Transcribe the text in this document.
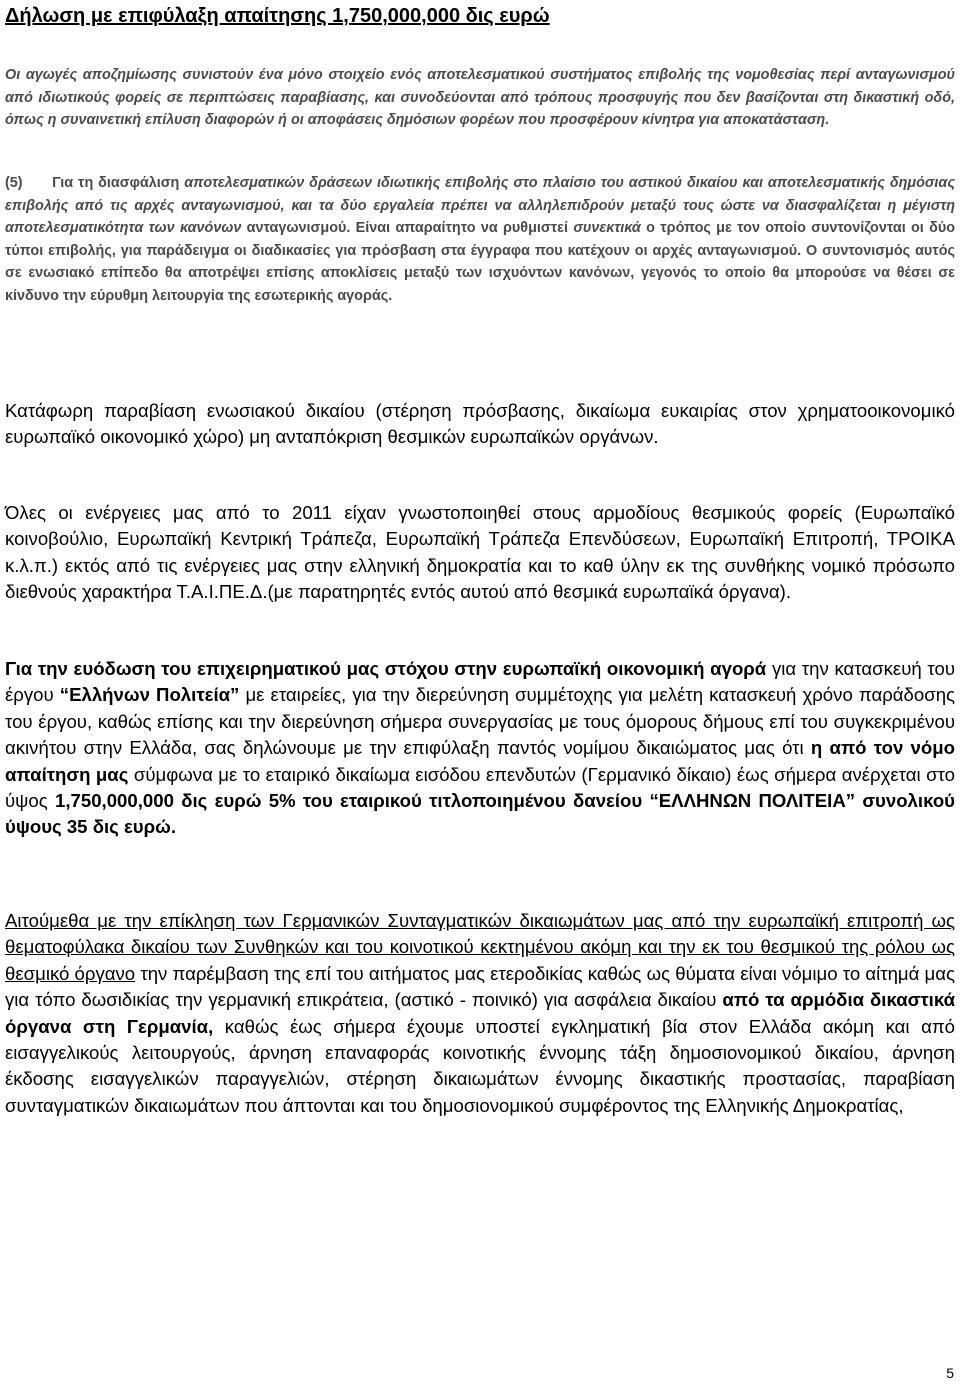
Δήλωση με επιφύλαξη απαίτησης 1,750,000,000 δις ευρώ

Οι αγωγές αποζημίωσης συνιστούν ένα μόνο στοιχείο ενός αποτελεσματικού συστήματος επιβολής της νομοθεσίας περί ανταγωνισμού από ιδιωτικούς φορείς σε περιπτώσεις παραβίασης, και συνοδεύονται από τρόπους προσφυγής που δεν βασίζονται στη δικαστική οδό, όπως η συναινετική επίλυση διαφορών ή οι αποφάσεις δημόσιων φορέων που προσφέρουν κίνητρα για αποκατάσταση.

(5) Για τη διασφάλιση αποτελεσματικών δράσεων ιδιωτικής επιβολής στο πλαίσιο του αστικού δικαίου και αποτελεσματικής δημόσιας επιβολής από τις αρχές ανταγωνισμού, και τα δύο εργαλεία πρέπει να αλληλεπιδρούν μεταξύ τους ώστε να διασφαλίζεται η μέγιστη αποτελεσματικότητα των κανόνων ανταγωνισμού. Είναι απαραίτητο να ρυθμιστεί συνεκτικά ο τρόπος με τον οποίο συντονίζονται οι δύο τύποι επιβολής, για παράδειγμα οι διαδικασίες για πρόσβαση στα έγγραφα που κατέχουν οι αρχές ανταγωνισμού. Ο συντονισμός αυτός σε ενωσιακό επίπεδο θα αποτρέψει επίσης αποκλίσεις μεταξύ των ισχυόντων κανόνων, γεγονός το οποίο θα μπορούσε να θέσει σε κίνδυνο την εύρυθμη λειτουργία της εσωτερικής αγοράς.

Κατάφωρη παραβίαση ενωσιακού δικαίου (στέρηση πρόσβασης, δικαίωμα ευκαιρίας στον χρηματοοικονομικό ευρωπαϊκό οικονομικό χώρο) μη ανταπόκριση θεσμικών ευρωπαϊκών οργάνων.

Όλες οι ενέργειες μας από το 2011 είχαν γνωστοποιηθεί στους αρμοδίους θεσμικούς φορείς (Ευρωπαϊκό κοινοβούλιο, Ευρωπαϊκή Κεντρική Τράπεζα, Ευρωπαϊκή Τράπεζα Επενδύσεων, Ευρωπαϊκή Επιτροπή, ΤΡΟΙΚΑ κ.λ.π.) εκτός από τις ενέργειες μας στην ελληνική δημοκρατία και το καθ ύλην εκ της συνθήκης νομικό πρόσωπο διεθνούς χαρακτήρα Τ.Α.Ι.ΠΕ.Δ.(με παρατηρητές εντός αυτού από θεσμικά ευρωπαϊκά όργανα).

Για την ευόδωση του επιχειρηματικού μας στόχου στην ευρωπαϊκή οικονομική αγορά για την κατασκευή του έργου “Ελλήνων Πολιτεία” με εταιρείες, για την διερεύνηση συμμέτοχης για μελέτη κατασκευή χρόνο παράδοσης του έργου, καθώς επίσης και την διερεύνηση σήμερα συνεργασίας με τους όμορους δήμους επί του συγκεκριμένου ακινήτου στην Ελλάδα, σας δηλώνουμε με την επιφύλαξη παντός νομίμου δικαιώματος μας ότι η από τον νόμο απαίτηση μας σύμφωνα με το εταιρικό δικαίωμα εισόδου επενδυτών (Γερμανικό δίκαιο) έως σήμερα ανέρχεται στο ύψος 1,750,000,000 δις ευρώ 5% του εταιρικού τιτλοποιημένου δανείου “ΕΛΛΗΝΩΝ ΠΟΛΙΤΕΙΑ” συνολικού ύψους 35 δις ευρώ.

Αιτούμεθα με την επίκληση των Γερμανικών Συνταγματικών δικαιωμάτων μας από την ευρωπαϊκή επιτροπή ως θεματοφύλακα δικαίου των Συνθηκών και του κοινοτικού κεκτημένου ακόμη και την εκ του θεσμικού της ρόλου ως θεσμικό όργανο την παρέμβαση της επί του αιτήματος μας ετεροδικίας καθώς ως θύματα είναι νόμιμο το αίτημά μας για τόπο δωσιδικίας την γερμανική επικράτεια, (αστικό - ποινικό) για ασφάλεια δικαίου από τα αρμόδια δικαστικά όργανα στη Γερμανία, καθώς έως σήμερα έχουμε υποστεί εγκληματική βία στον Ελλάδα ακόμη και από εισαγγελικούς λειτουργούς, άρνηση επαναφοράς κοινοτικής έννομης τάξη δημοσιονομικού δικαίου, άρνηση έκδοσης εισαγγελικών παραγγελιών, στέρηση δικαιωμάτων έννομης δικαστικής προστασίας, παραβίαση συνταγματικών δικαιωμάτων που άπτονται και του δημοσιονομικού συμφέροντος της Ελληνικής Δημοκρατίας,

5
